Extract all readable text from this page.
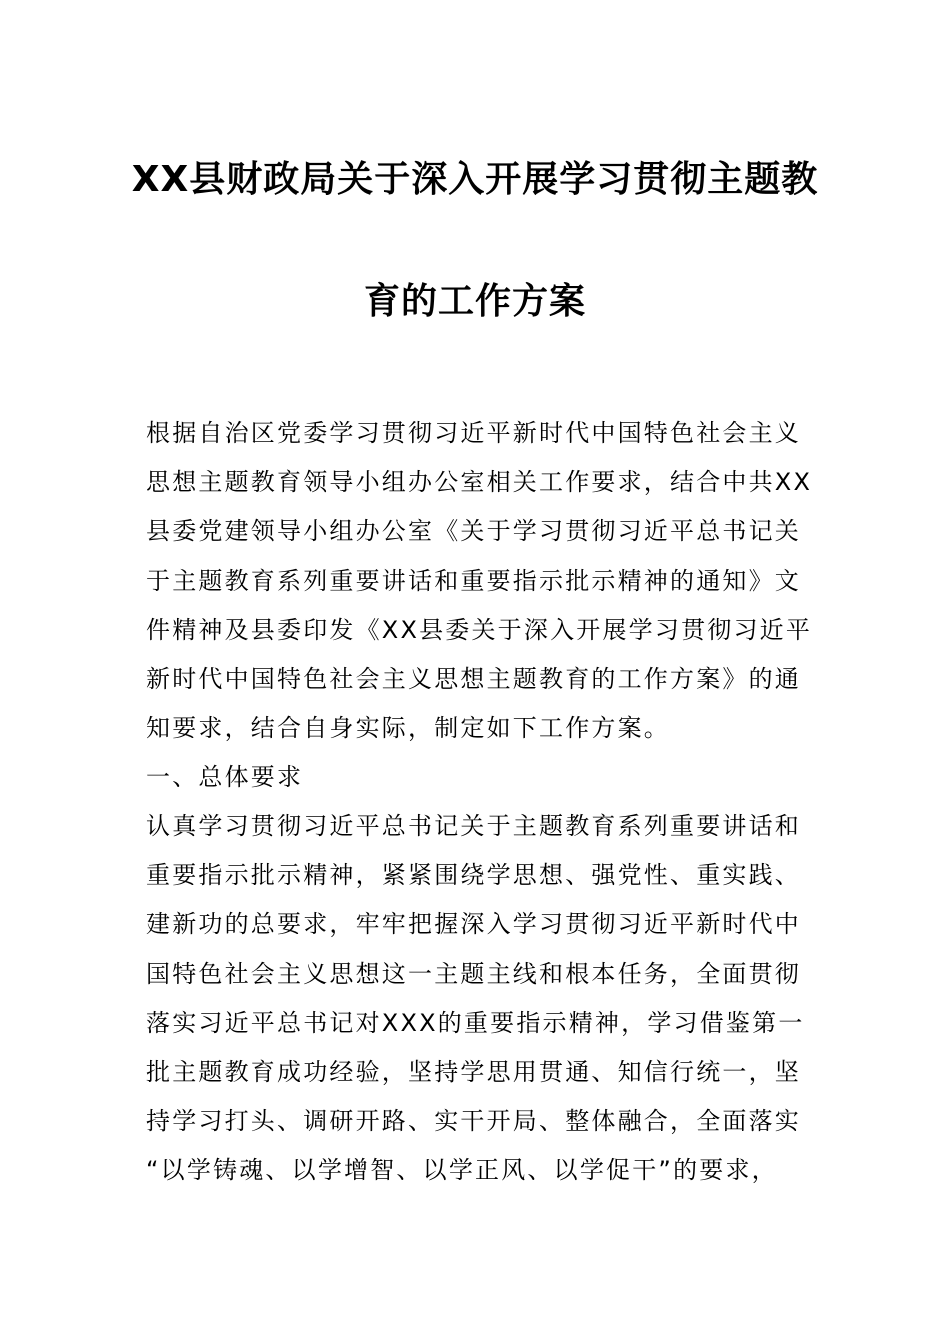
XX县财政局关于深入开展学习贯彻主题教
育的工作方案
根据自治区党委学习贯彻习近平新时代中国特色社会主义
思想主题教育领导小组办公室相关工作要求，结合中共XX
县委党建领导小组办公室《关于学习贯彻习近平总书记关
于主题教育系列重要讲话和重要指示批示精神的通知》文
件精神及县委印发《XX县委关于深入开展学习贯彻习近平
新时代中国特色社会主义思想主题教育的工作方案》的通
知要求，结合自身实际，制定如下工作方案。
一、总体要求
认真学习贯彻习近平总书记关于主题教育系列重要讲话和
重要指示批示精神，紧紧围绕学思想、强党性、重实践、
建新功的总要求，牢牢把握深入学习贯彻习近平新时代中
国特色社会主义思想这一主题主线和根本任务，全面贯彻
落实习近平总书记对XXX的重要指示精神，学习借鉴第一
批主题教育成功经验，坚持学思用贯通、知信行统一，坚
持学习打头、调研开路、实干开局、整体融合，全面落实
“以学铸魂、以学增智、以学正风、以学促干”的要求，
